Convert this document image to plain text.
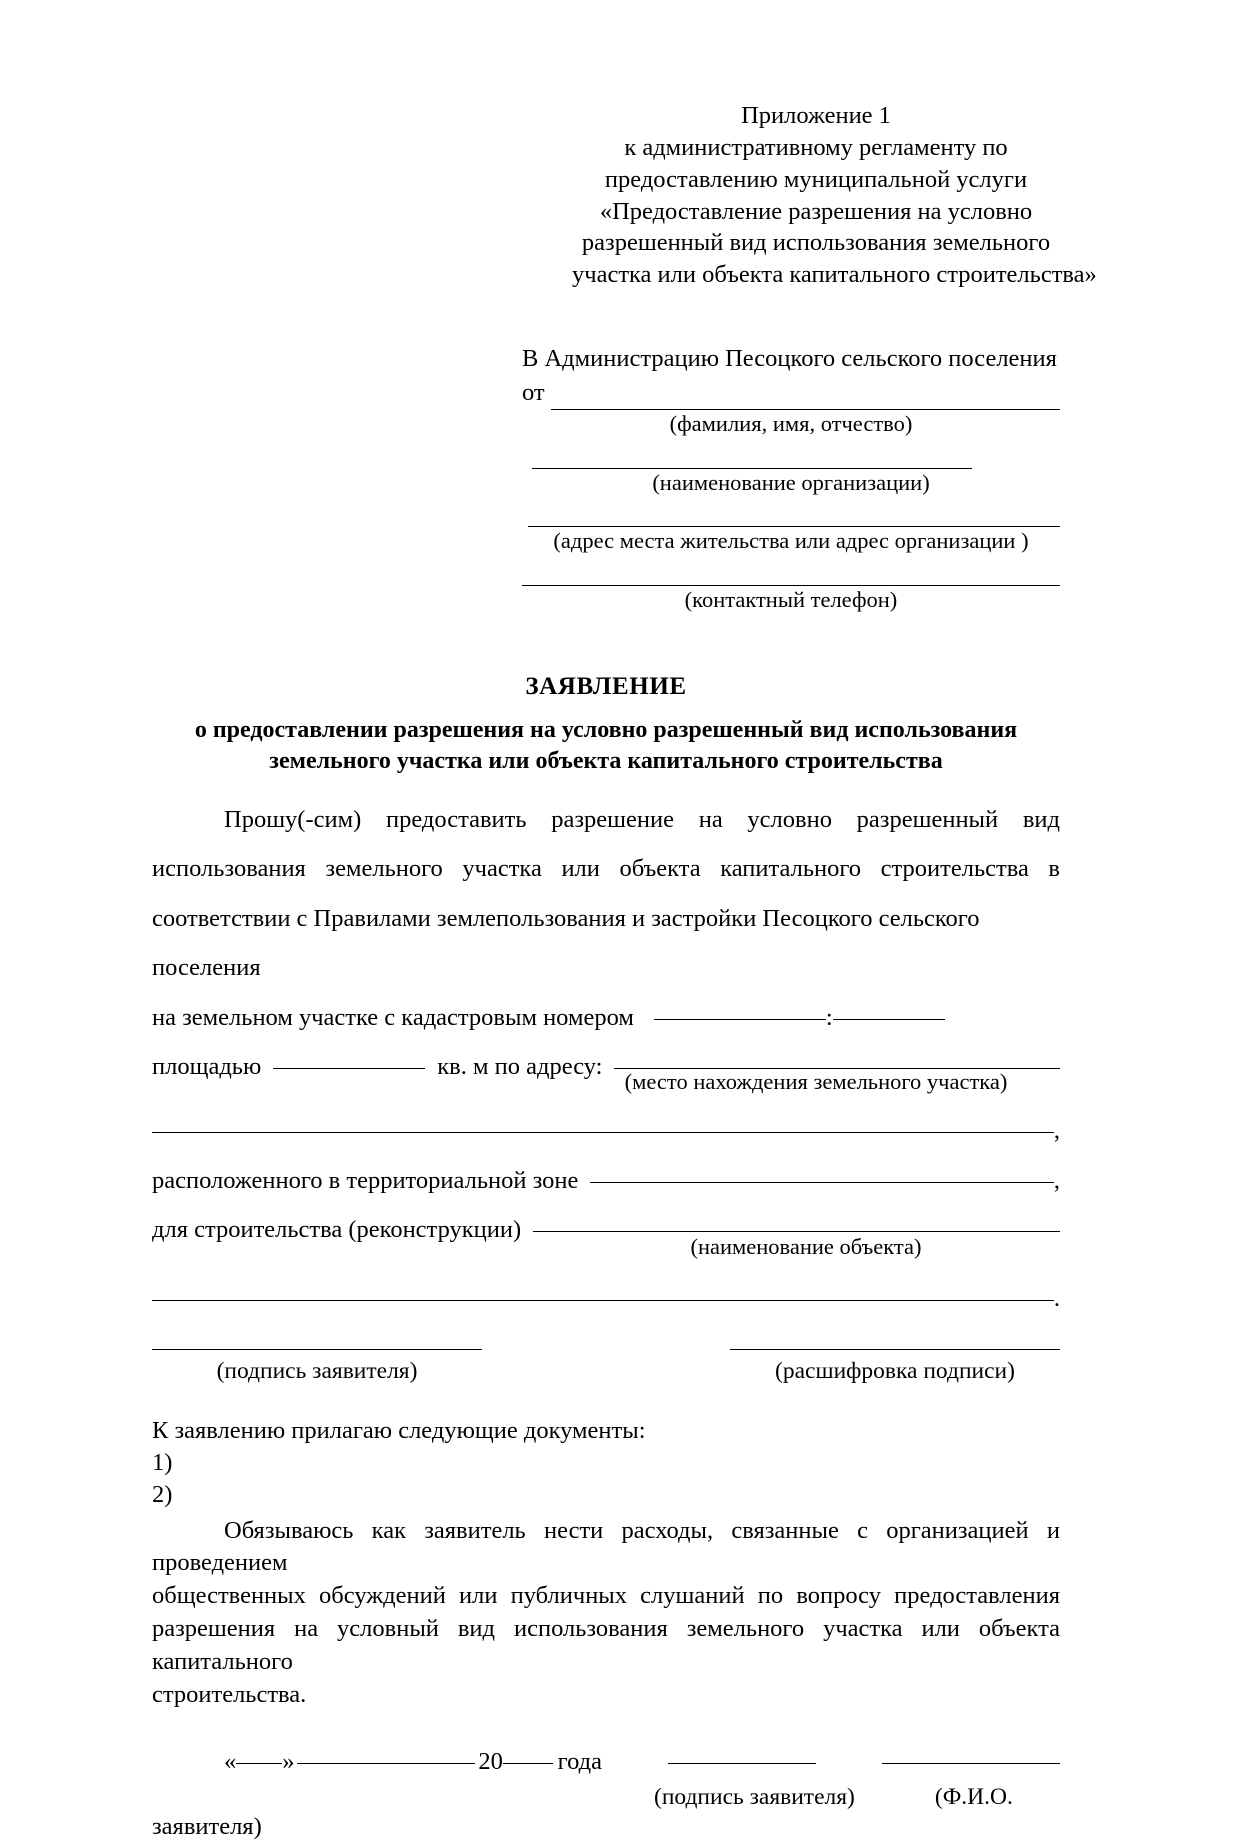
Приложение 1
к административному регламенту по
предоставлению муниципальной услуги
«Предоставление разрешения на условно
разрешенный вид использования земельного
участка или объекта капитального строительства»
В Администрацию Песоцкого сельского поселения
от
(фамилия, имя, отчество)
(наименование организации)
(адрес места жительства или адрес организации )
(контактный телефон)
ЗАЯВЛЕНИЕ
о предоставлении разрешения на условно разрешенный вид использования
земельного участка или объекта капитального строительства
Прошу(-сим) предоставить разрешение на условно разрешенный вид
использования земельного участка или объекта капитального строительства в
соответствии с Правилами землепользования и застройки Песоцкого сельского поселения
на земельном участке с кадастровым номером	:
площадью	кв. м по адресу:
(место нахождения земельного участка)
,
расположенного в территориальной зоне	,
для строительства (реконструкции)
(наименование объекта)
.
(подпись заявителя)	(расшифровка подписи)
К заявлению прилагаю следующие документы:
1)
2)
Обязываюсь как заявитель нести расходы, связанные с организацией и проведением
общественных обсуждений или публичных слушаний по вопросу предоставления
разрешения на условный вид использования земельного участка или объекта капитального
строительства.
« »	20 года
(подпись заявителя)	(Ф.И.О.
заявителя)
